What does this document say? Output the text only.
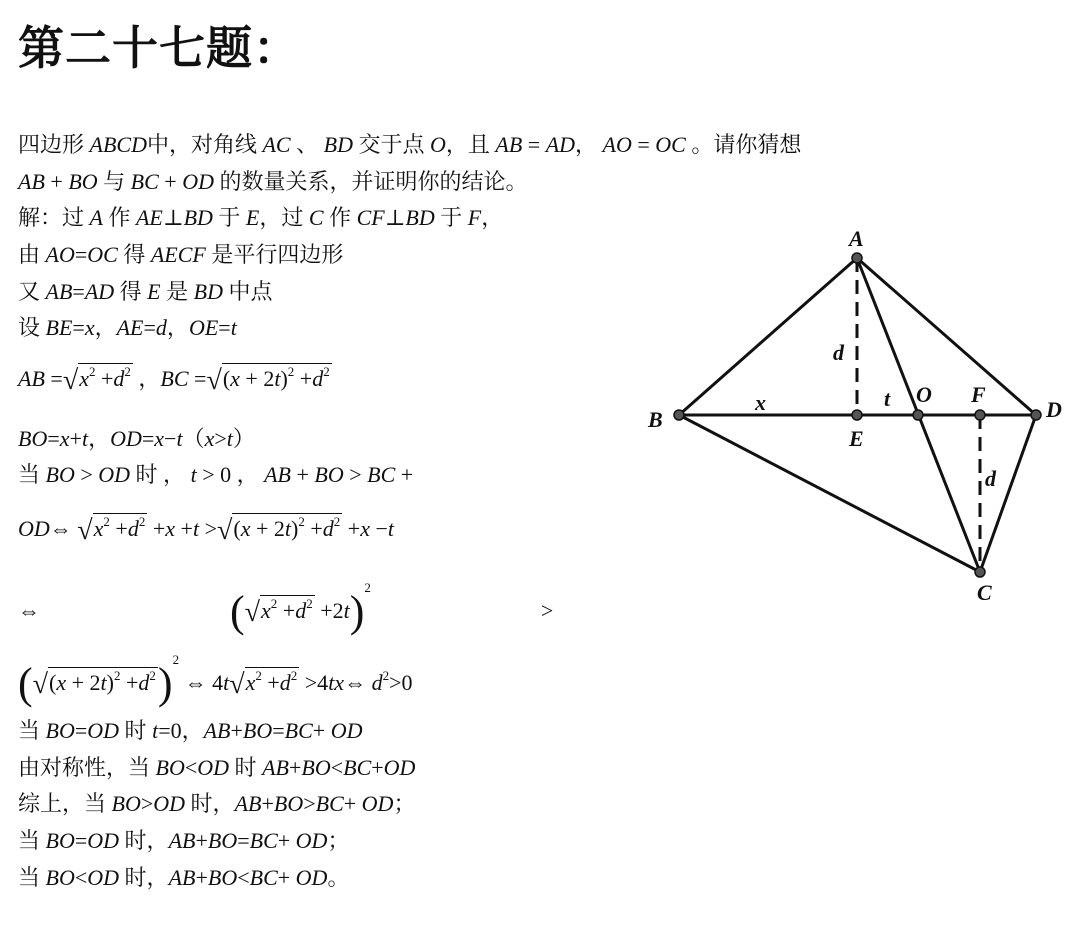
第二十七题：
四边形 ABCD中，对角线 AC 、 BD 交于点 O，且 AB = AD， AO = OC 。请你猜想
AB + BO 与 BC + OD 的数量关系，并证明你的结论。
解：过 A 作 AE⊥BD 于 E，过 C 作 CF⊥BD 于 F，
由 AO=OC 得 AECF 是平行四边形
又 AB=AD 得 E 是 BD 中点
设 BE=x，AE=d，OE=t
AB $=√x^2 +d^2$ ，BC $=√(x + 2t)^2 +d^2$
BO=x+t，OD=x−t（x>t）
当 BO > OD 时 ， t > 0 ， AB + BO > BC +
OD⇔ $√x^2 +d^2 +x +t >√(x + 2t)^2 +d^2 +x -t$
⇔	$(√x^2 +d^2 +2t)^2>$
$(√(x + 2t)^2 +d^2)^2$ ⇔ $4t√x^2 +d^2$ >4tx⇔ $d^2>0$
当 BO=OD 时 t=0，AB+BO=BC+ OD
由对称性，当 BO<OD 时 AB+BO<BC+OD
综上，当 BO>OD 时，AB+BO>BC+ OD；
当 BO=OD 时，AB+BO=BC+ OD；
当 BO<OD 时，AB+BO<BC+ OD。
A
B	D
E
O F
C
d
d
x	t
